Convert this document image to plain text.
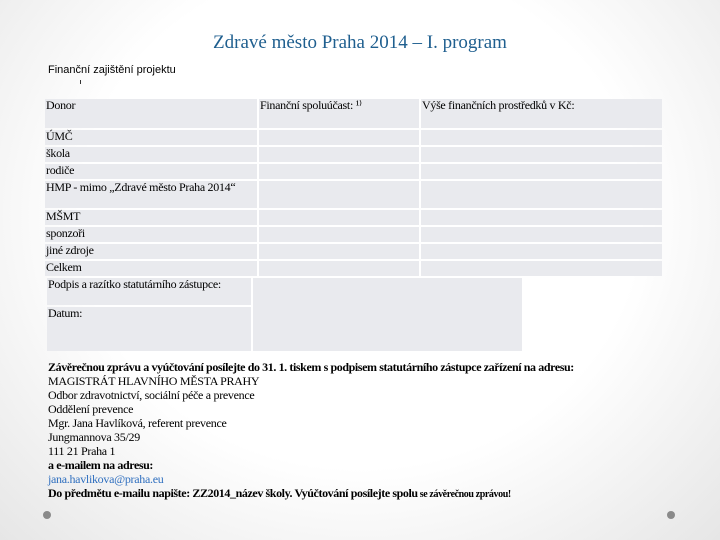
Zdravé město Praha 2014 – I. program
Finanční zajištění projektu
Donor	Finanční spoluúčast: ¹⁾	Výše finančních prostředků v Kč:
ÚMČ		
škola		
rodiče		
HMP - mimo „Zdravé město Praha 2014“		
MŠMT		
sponzoři		
jiné zdroje		
Celkem		
Podpis a razítko statutárního zástupce:	
Datum:
Závěrečnou zprávu a vyúčtování posílejte do 31. 1. tiskem s podpisem statutárního zástupce zařízení na adresu:
MAGISTRÁT HLAVNÍHO MĚSTA PRAHY
Odbor zdravotnictví, sociální péče a prevence
Oddělení prevence
Mgr. Jana Havlíková, referent prevence
Jungmannova 35/29
111 21 Praha 1
a e-mailem na adresu:
jana.havlikova@praha.eu
Do předmětu e-mailu napište: ZZ2014_název školy. Vyúčtování posílejte spolu se závěrečnou zprávou!
